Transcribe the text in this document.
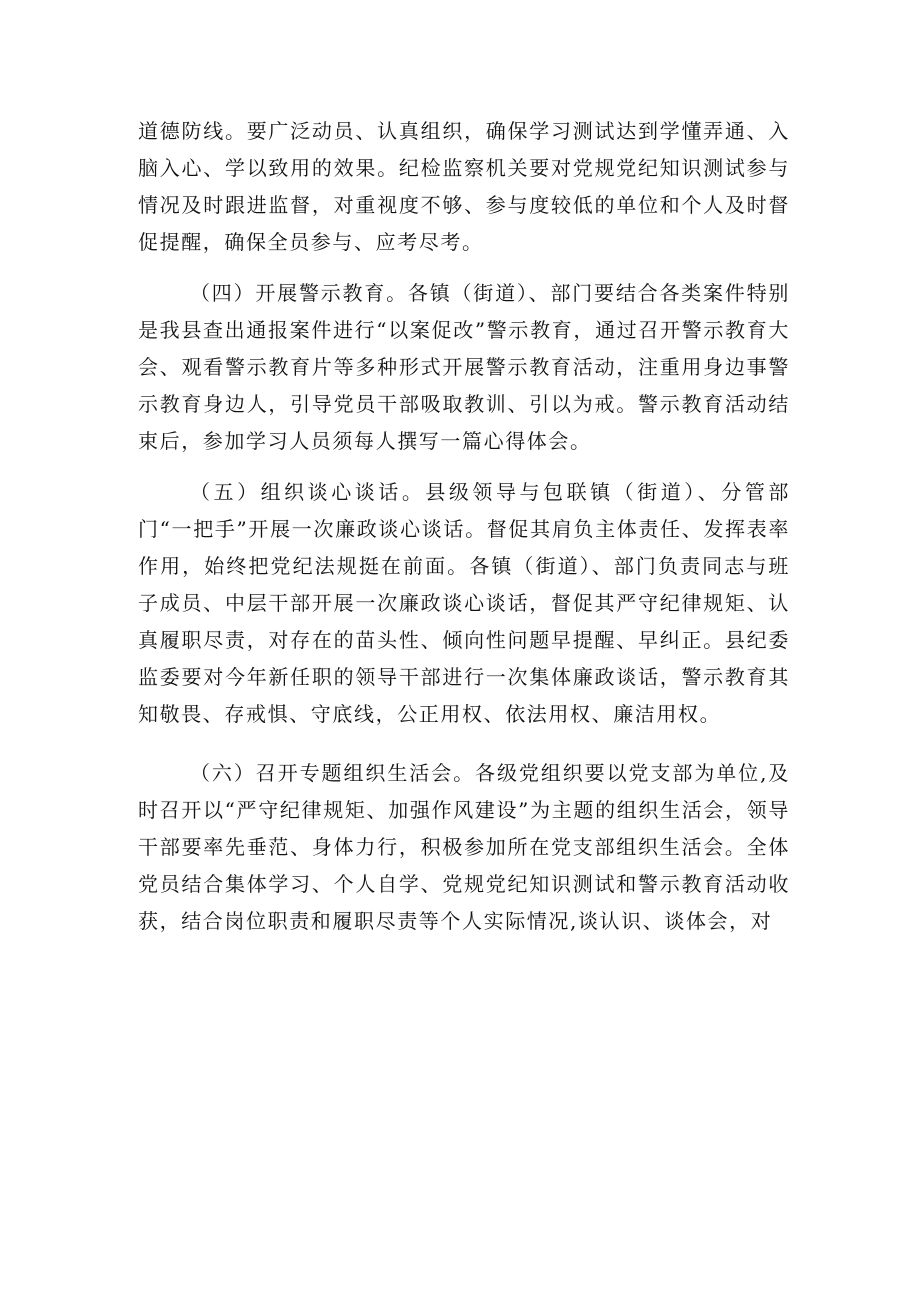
道德防线。要广泛动员、认真组织，确保学习测试达到学懂弄通、入脑入心、学以致用的效果。纪检监察机关要对党规党纪知识测试参与情况及时跟进监督，对重视度不够、参与度较低的单位和个人及时督促提醒，确保全员参与、应考尽考。

（四）开展警示教育。各镇（街道）、部门要结合各类案件特别是我县查出通报案件进行“以案促改”警示教育，通过召开警示教育大会、观看警示教育片等多种形式开展警示教育活动，注重用身边事警示教育身边人，引导党员干部吸取教训、引以为戒。警示教育活动结束后，参加学习人员须每人撰写一篇心得体会。

（五）组织谈心谈话。县级领导与包联镇（街道）、分管部门“一把手”开展一次廉政谈心谈话。督促其肩负主体责任、发挥表率作用，始终把党纪法规挺在前面。各镇（街道）、部门负责同志与班子成员、中层干部开展一次廉政谈心谈话，督促其严守纪律规矩、认真履职尽责，对存在的苗头性、倾向性问题早提醒、早纠正。县纪委监委要对今年新任职的领导干部进行一次集体廉政谈话，警示教育其知敬畏、存戒惧、守底线，公正用权、依法用权、廉洁用权。

（六）召开专题组织生活会。各级党组织要以党支部为单位,及时召开以“严守纪律规矩、加强作风建设”为主题的组织生活会，领导干部要率先垂范、身体力行，积极参加所在党支部组织生活会。全体党员结合集体学习、个人自学、党规党纪知识测试和警示教育活动收获，结合岗位职责和履职尽责等个人实际情况,谈认识、谈体会，对
